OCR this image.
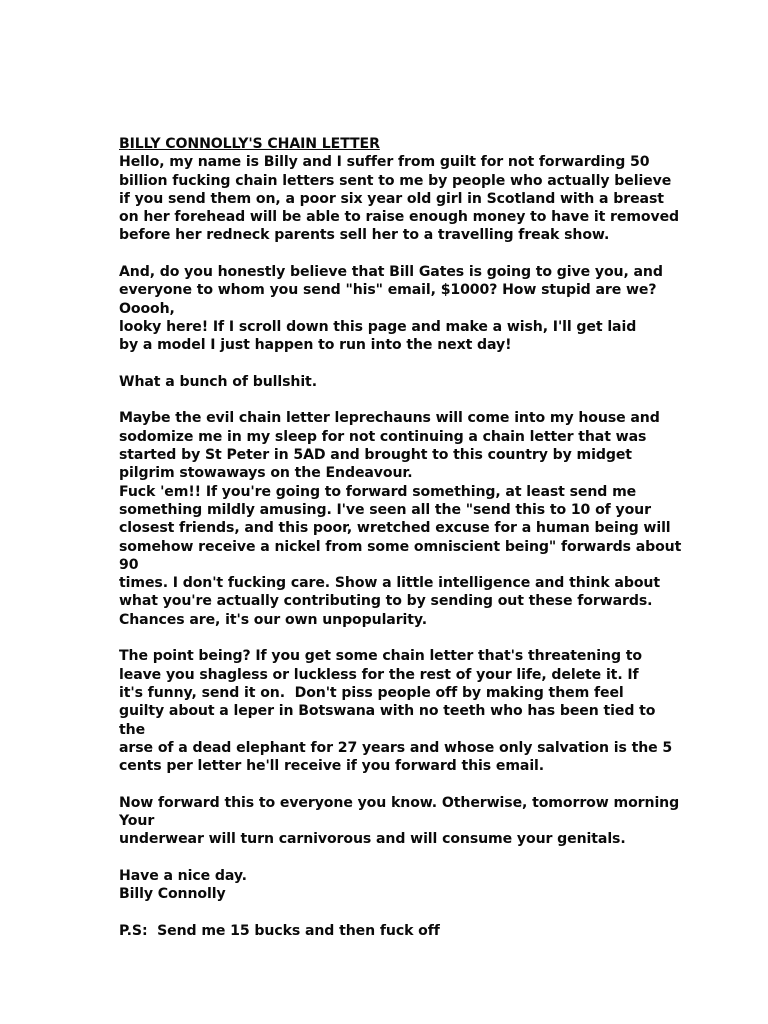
BILLY CONNOLLY'S CHAIN LETTER
Hello, my name is Billy and I suffer from guilt for not forwarding 50
billion fucking chain letters sent to me by people who actually believe
if you send them on, a poor six year old girl in Scotland with a breast
on her forehead will be able to raise enough money to have it removed
before her redneck parents sell her to a travelling freak show.
And, do you honestly believe that Bill Gates is going to give you, and
everyone to whom you send "his" email, $1000? How stupid are we?
Ooooh,
looky here! If I scroll down this page and make a wish, I'll get laid
by a model I just happen to run into the next day!
What a bunch of bullshit.
Maybe the evil chain letter leprechauns will come into my house and
sodomize me in my sleep for not continuing a chain letter that was
started by St Peter in 5AD and brought to this country by midget
pilgrim stowaways on the Endeavour.
Fuck 'em!! If you're going to forward something, at least send me
something mildly amusing. I've seen all the "send this to 10 of your
closest friends, and this poor, wretched excuse for a human being will
somehow receive a nickel from some omniscient being" forwards about
90
times. I don't fucking care. Show a little intelligence and think about
what you're actually contributing to by sending out these forwards.
Chances are, it's our own unpopularity.
The point being? If you get some chain letter that's threatening to
leave you shagless or luckless for the rest of your life, delete it. If
it's funny, send it on.  Don't piss people off by making them feel
guilty about a leper in Botswana with no teeth who has been tied to
the
arse of a dead elephant for 27 years and whose only salvation is the 5
cents per letter he'll receive if you forward this email.
Now forward this to everyone you know. Otherwise, tomorrow morning
Your
underwear will turn carnivorous and will consume your genitals.
Have a nice day.
Billy Connolly
P.S:  Send me 15 bucks and then fuck off
